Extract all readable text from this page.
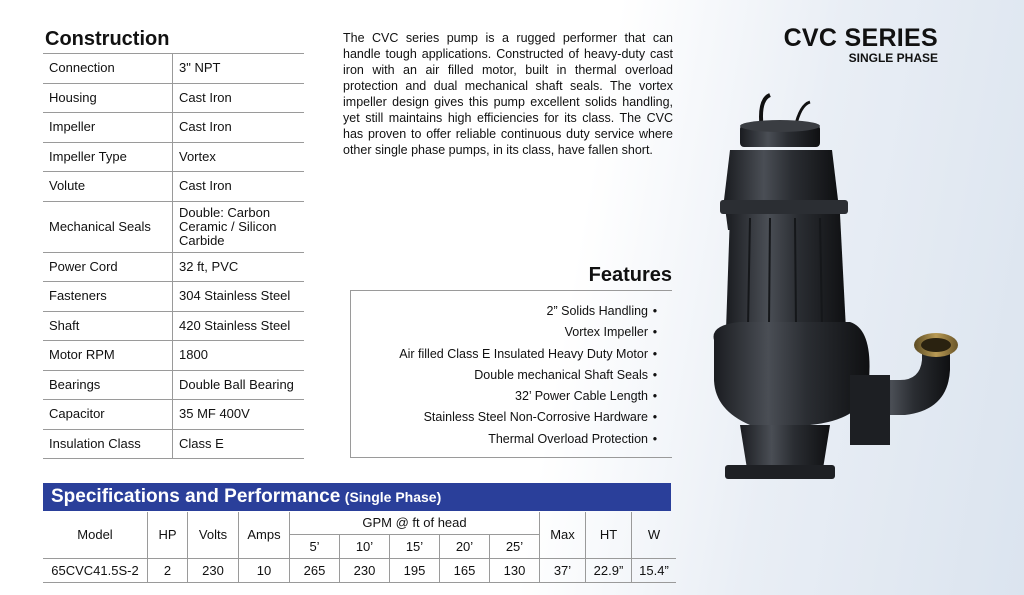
Construction
Connection	3" NPT
Housing	Cast Iron
Impeller	Cast Iron
Impeller Type	Vortex
Volute	Cast Iron
Mechanical Seals	Double: Carbon Ceramic / Silicon Carbide
Power Cord	32 ft, PVC
Fasteners	304 Stainless Steel
Shaft	420 Stainless Steel
Motor RPM	1800
Bearings	Double Ball Bearing
Capacitor	35 MF 400V
Insulation Class	Class E
The CVC series pump is a rugged performer that can handle tough applications. Constructed of heavy-duty cast iron with an air filled motor, built in thermal overload protection and dual mechanical shaft seals. The vortex impeller design gives this pump excellent solids handling, yet still maintains high efficiencies for its class. The CVC has proven to offer reliable continuous duty service where other single phase pumps, in its class, have fallen short.
CVC SERIES
SINGLE PHASE
Features
2” Solids Handling •
Vortex Impeller •
Air filled Class E Insulated Heavy Duty Motor •
Double mechanical Shaft Seals •
32’ Power Cable Length •
Stainless Steel Non-Corrosive Hardware •
Thermal Overload Protection •
Specifications and Performance (Single Phase)
Model	HP	Volts	Amps	GPM @ ft of head					Max	HT	W
				5’	10’	15’	20’	25’			
65CVC41.5S-2	2	230	10	265	230	195	165	130	37’	22.9”	15.4”
